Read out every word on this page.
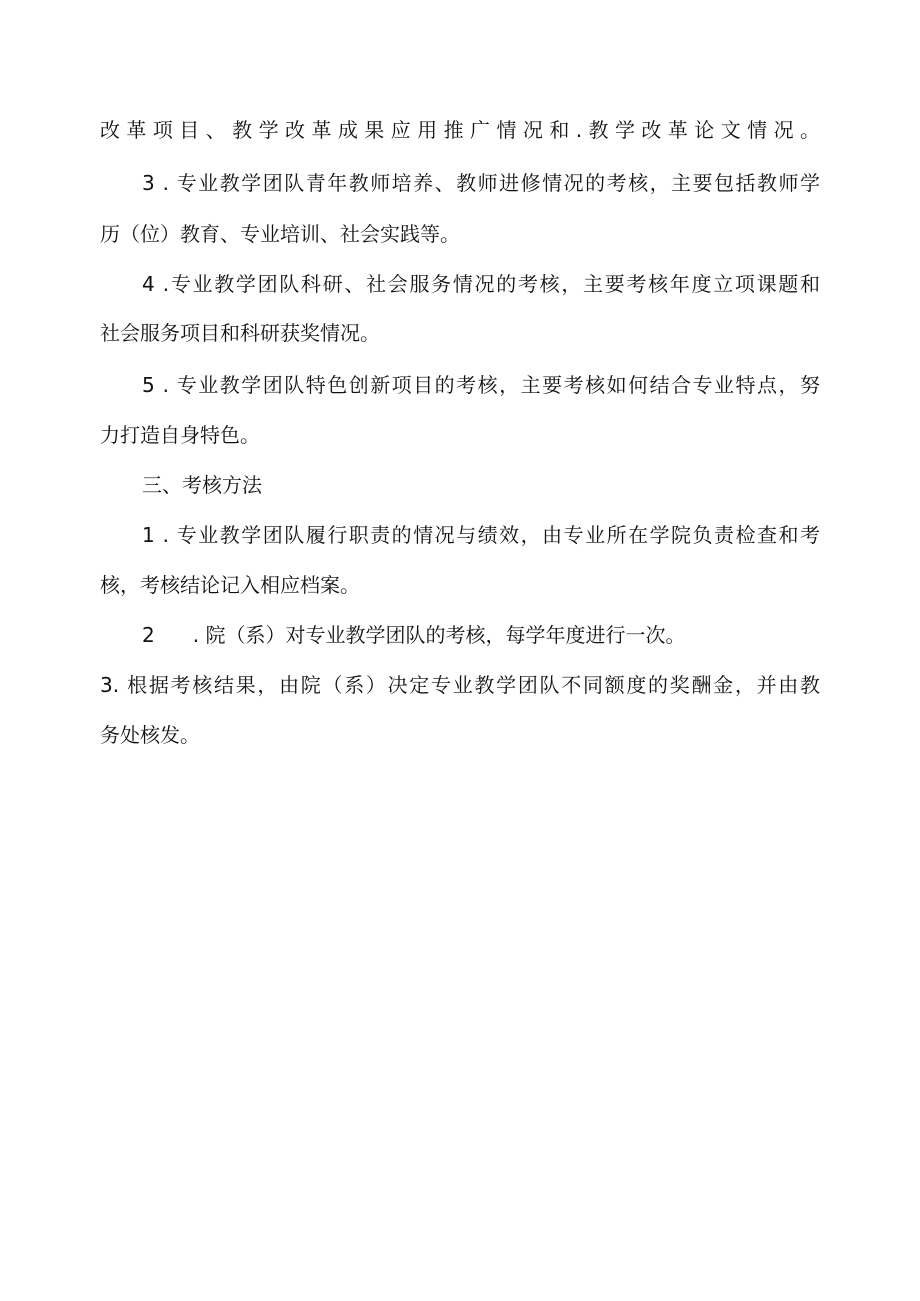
改革项目、教学改革成果应用推广情况和.教学改革论文情况。
3 . 专业教学团队青年教师培养、教师进修情况的考核，主要包括教师学
历（位）教育、专业培训、社会实践等。
4 .专业教学团队科研、社会服务情况的考核，主要考核年度立项课题和
社会服务项目和科研获奖情况。
5 . 专业教学团队特色创新项目的考核，主要考核如何结合专业特点，努
力打造自身特色。
三、考核方法
1 . 专业教学团队履行职责的情况与绩效，由专业所在学院负责检查和考
核，考核结论记入相应档案。
2 . 院（系）对专业教学团队的考核，每学年度进行一次。
3. 根据考核结果，由院（系）决定专业教学团队不同额度的奖酬金，并由教
务处核发。
